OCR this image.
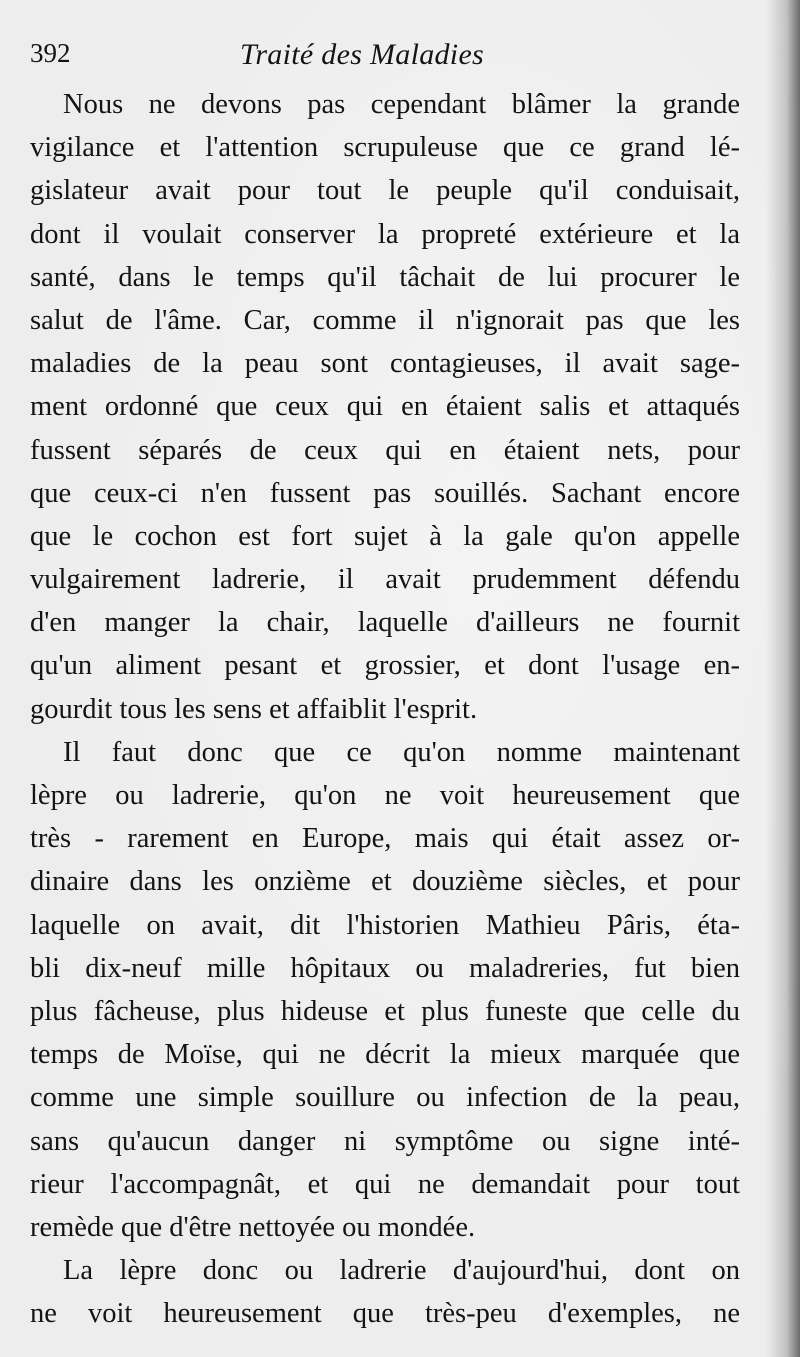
392	Traité des Maladies
Nous ne devons pas cependant blâmer la grande
vigilance et l'attention scrupuleuse que ce grand lé-
gislateur avait pour tout le peuple qu'il conduisait,
dont il voulait conserver la propreté extérieure et la
santé, dans le temps qu'il tâchait de lui procurer le
salut de l'âme. Car, comme il n'ignorait pas que les
maladies de la peau sont contagieuses, il avait sage-
ment ordonné que ceux qui en étaient salis et attaqués
fussent séparés de ceux qui en étaient nets, pour
que ceux-ci n'en fussent pas souillés. Sachant encore
que le cochon est fort sujet à la gale qu'on appelle
vulgairement ladrerie, il avait prudemment défendu
d'en manger la chair, laquelle d'ailleurs ne fournit
qu'un aliment pesant et grossier, et dont l'usage en-
gourdit tous les sens et affaiblit l'esprit.
Il faut donc que ce qu'on nomme maintenant
lèpre ou ladrerie, qu'on ne voit heureusement que
très - rarement en Europe, mais qui était assez or-
dinaire dans les onzième et douzième siècles, et pour
laquelle on avait, dit l'historien Mathieu Pâris, éta-
bli dix-neuf mille hôpitaux ou maladreries, fut bien
plus fâcheuse, plus hideuse et plus funeste que celle du
temps de Moïse, qui ne décrit la mieux marquée que
comme une simple souillure ou infection de la peau,
sans qu'aucun danger ni symptôme ou signe inté-
rieur l'accompagnât, et qui ne demandait pour tout
remède que d'être nettoyée ou mondée.
La lèpre donc ou ladrerie d'aujourd'hui, dont on
ne voit heureusement que très-peu d'exemples, ne
